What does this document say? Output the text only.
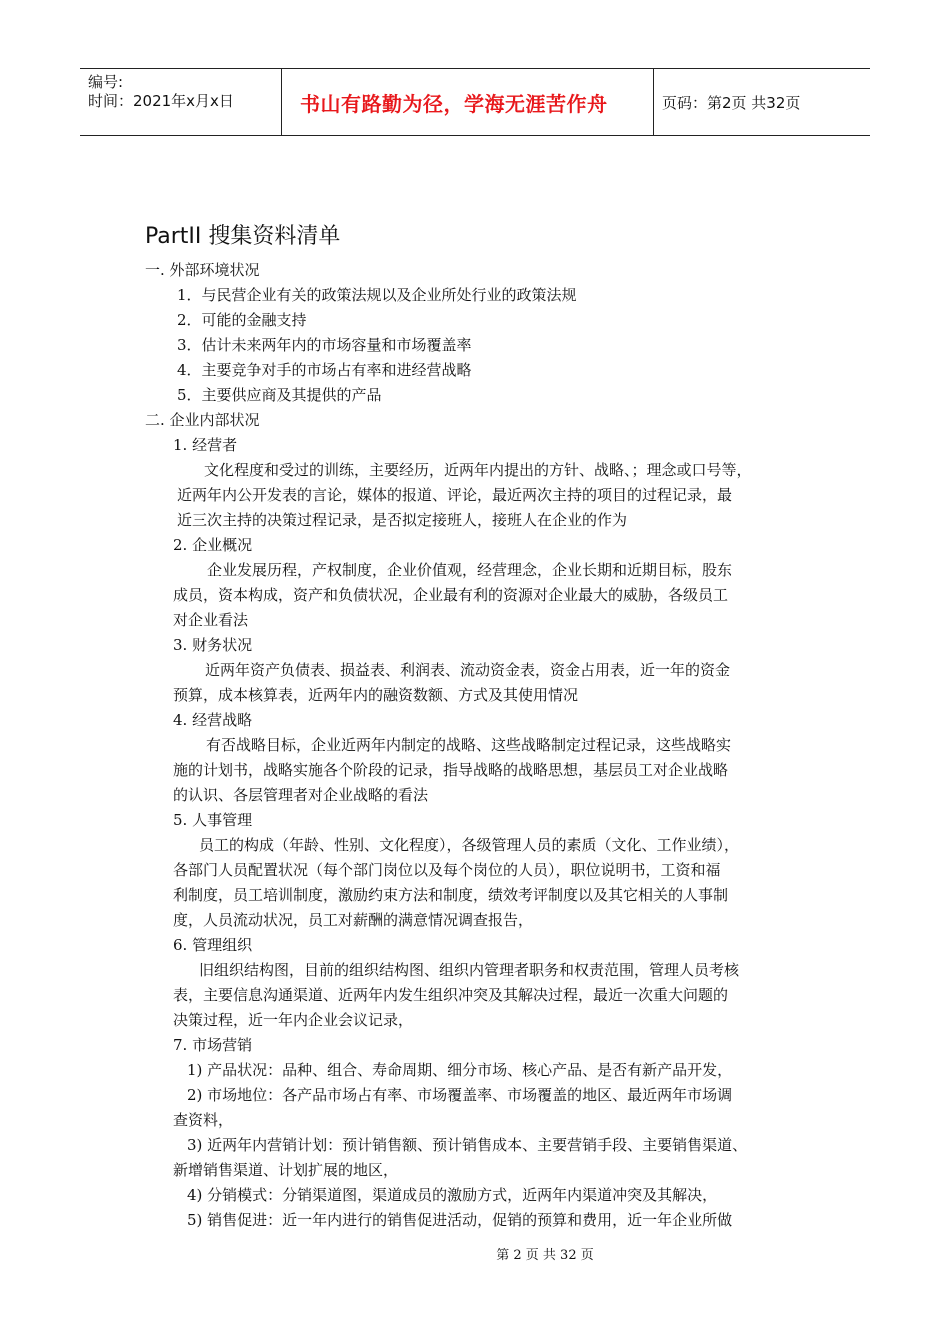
编号:
时间：2021年x月x日	书山有路勤为径，学海无涯苦作舟	页码：第2页 共32页
PartII 搜集资料清单
一. 外部环境状况
1．与民营企业有关的政策法规以及企业所处行业的政策法规
2．可能的金融支持
3．估计未来两年内的市场容量和市场覆盖率
4．主要竞争对手的市场占有率和进经营战略
5．主要供应商及其提供的产品
二. 企业内部状况
1. 经营者
文化程度和受过的训练，主要经历，近两年内提出的方针、战略、；理念或口号等，
近两年内公开发表的言论，媒体的报道、评论，最近两次主持的项目的过程记录，最
近三次主持的决策过程记录，是否拟定接班人，接班人在企业的作为
2. 企业概况
企业发展历程，产权制度，企业价值观，经营理念，企业长期和近期目标，股东
成员，资本构成，资产和负债状况，企业最有利的资源对企业最大的威胁，各级员工
对企业看法
3. 财务状况
近两年资产负债表、损益表、利润表、流动资金表，资金占用表，近一年的资金
预算，成本核算表，近两年内的融资数额、方式及其使用情况
4. 经营战略
有否战略目标，企业近两年内制定的战略、这些战略制定过程记录，这些战略实
施的计划书，战略实施各个阶段的记录，指导战略的战略思想，基层员工对企业战略
的认识、各层管理者对企业战略的看法
5. 人事管理
员工的构成（年龄、性别、文化程度），各级管理人员的素质（文化、工作业绩），
各部门人员配置状况（每个部门岗位以及每个岗位的人员），职位说明书，工资和福
利制度，员工培训制度，激励约束方法和制度，绩效考评制度以及其它相关的人事制
度，人员流动状况，员工对薪酬的满意情况调查报告，
6. 管理组织
旧组织结构图，目前的组织结构图、组织内管理者职务和权责范围，管理人员考核
表，主要信息沟通渠道、近两年内发生组织冲突及其解决过程，最近一次重大问题的
决策过程，近一年内企业会议记录，
7. 市场营销
1) 产品状况：品种、组合、寿命周期、细分市场、核心产品、是否有新产品开发，
2) 市场地位：各产品市场占有率、市场覆盖率、市场覆盖的地区、最近两年市场调
查资料，
3) 近两年内营销计划：预计销售额、预计销售成本、主要营销手段、主要销售渠道、
新增销售渠道、计划扩展的地区，
4) 分销模式：分销渠道图，渠道成员的激励方式，近两年内渠道冲突及其解决，
5) 销售促进：近一年内进行的销售促进活动，促销的预算和费用，近一年企业所做
第 2 页 共 32 页
